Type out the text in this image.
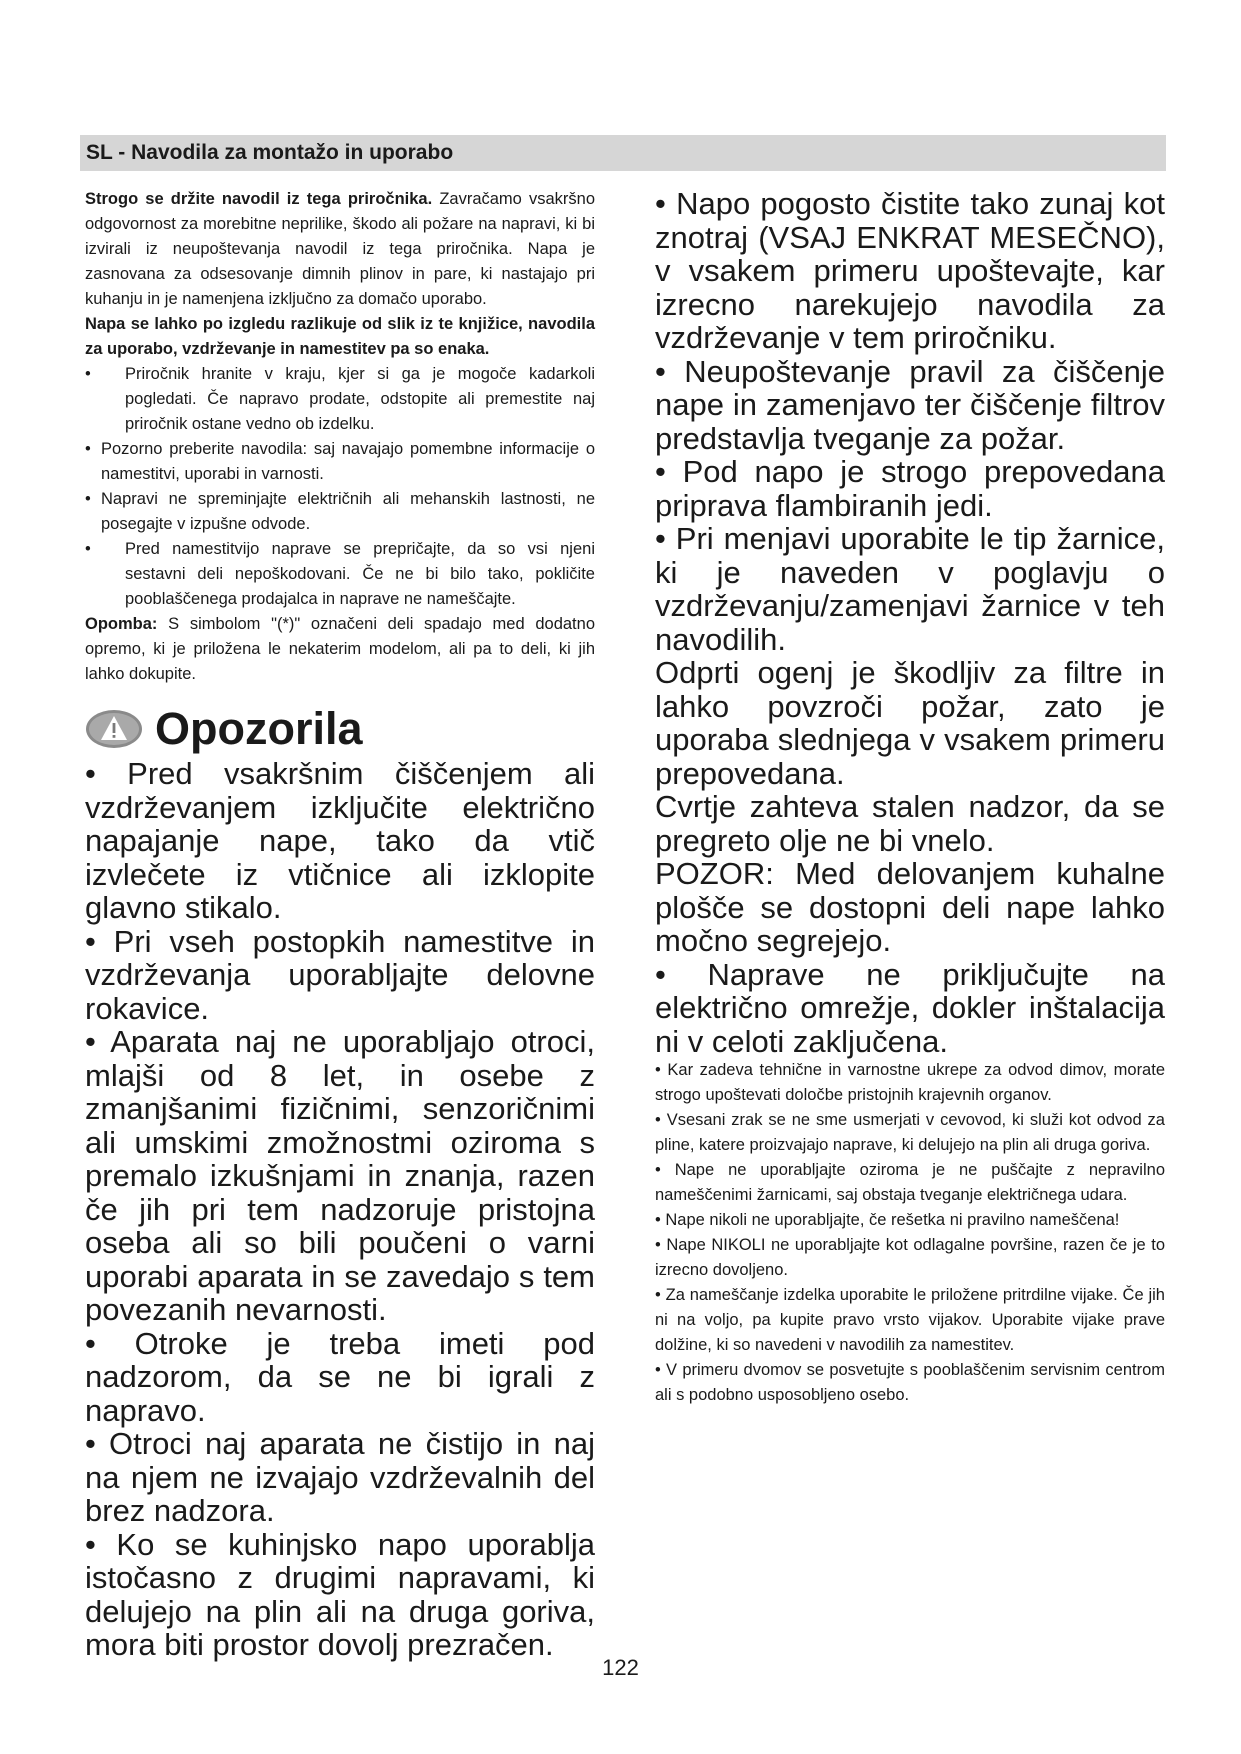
SL - Navodila za montažo in uporabo

Strogo se držite navodil iz tega priročnika. Zavračamo vsakršno odgovornost za morebitne neprilike, škodo ali požare na napravi, ki bi izvirali iz neupoštevanja navodil iz tega priročnika. Napa je zasnovana za odsesovanje dimnih plinov in pare, ki nastajajo pri kuhanju in je namenjena izključno za domačo uporabo.

Napa se lahko po izgledu razlikuje od slik iz te knjižice, navodila za uporabo, vzdrževanje in namestitev pa so enaka.

•	Priročnik hranite v kraju, kjer si ga je mogoče kadarkoli pogledati. Če napravo prodate, odstopite ali premestite naj priročnik ostane vedno ob izdelku.
• Pozorno preberite navodila: saj navajajo pomembne informacije o namestitvi, uporabi in varnosti.
• Napravi ne spreminjajte električnih ali mehanskih lastnosti, ne posegajte v izpušne odvode.
•	Pred namestitvijo naprave se prepričajte, da so vsi njeni sestavni deli nepoškodovani. Če ne bi bilo tako, pokličite pooblaščenega prodajalca in naprave ne nameščajte.

Opomba: S simbolom "(*)" označeni deli spadajo med dodatno opremo, ki je priložena le nekaterim modelom, ali pa to deli, ki jih lahko dokupite.

Opozorila

• Pred vsakršnim čiščenjem ali vzdrževanjem izključite električno napajanje nape, tako da vtič izvlečete iz vtičnice ali izklopite glavno stikalo.

• Pri vseh postopkih namestitve in vzdrževanja uporabljajte delovne rokavice.

• Aparata naj ne uporabljajo otroci, mlajši od 8 let, in osebe z zmanjšanimi fizičnimi, senzoričnimi ali umskimi zmožnostmi oziroma s premalo izkušnjami in znanja, razen če jih pri tem nadzoruje pristojna oseba ali so bili poučeni o varni uporabi aparata in se zavedajo s tem povezanih nevarnosti.

• Otroke je treba imeti pod nadzorom, da se ne bi igrali z napravo.

• Otroci naj aparata ne čistijo in naj na njem ne izvajajo vzdrževalnih del brez nadzora.

• Ko se kuhinjsko napo uporablja istočasno z drugimi napravami, ki delujejo na plin ali na druga goriva, mora biti prostor dovolj prezračen.

• Napo pogosto čistite tako zunaj kot znotraj (VSAJ ENKRAT MESEČNO), v vsakem primeru upoštevajte, kar izrecno narekujejo navodila za vzdrževanje v tem priročniku.

• Neupoštevanje pravil za čiščenje nape in zamenjavo ter čiščenje filtrov predstavlja tveganje za požar.

• Pod napo je strogo prepovedana priprava flambiranih jedi.

• Pri menjavi uporabite le tip žarnice, ki je naveden v poglavju o vzdrževanju/zamenjavi žarnice v teh navodilih.

Odprti ogenj je škodljiv za filtre in lahko povzroči požar, zato je uporaba slednjega v vsakem primeru prepovedana.

Cvrtje zahteva stalen nadzor, da se pregreto olje ne bi vnelo.

POZOR: Med delovanjem kuhalne plošče se dostopni deli nape lahko močno segrejejo.

• Naprave ne priključujte na električno omrežje, dokler inštalacija ni v celoti zaključena.

• Kar zadeva tehnične in varnostne ukrepe za odvod dimov, morate strogo upoštevati določbe pristojnih krajevnih organov.

• Vsesani zrak se ne sme usmerjati v cevovod, ki služi kot odvod za pline, katere proizvajajo naprave, ki delujejo na plin ali druga goriva.

• Nape ne uporabljajte oziroma je ne puščajte z nepravilno nameščenimi žarnicami, saj obstaja tveganje električnega udara.

• Nape nikoli ne uporabljajte, če rešetka ni pravilno nameščena!

• Nape NIKOLI ne uporabljajte kot odlagalne površine, razen če je to izrecno dovoljeno.

• Za nameščanje izdelka uporabite le priložene pritrdilne vijake. Če jih ni na voljo, pa kupite pravo vrsto vijakov. Uporabite vijake prave dolžine, ki so navedeni v navodilih za namestitev.

• V primeru dvomov se posvetujte s pooblaščenim servisnim centrom ali s podobno usposobljeno osebo.

122
